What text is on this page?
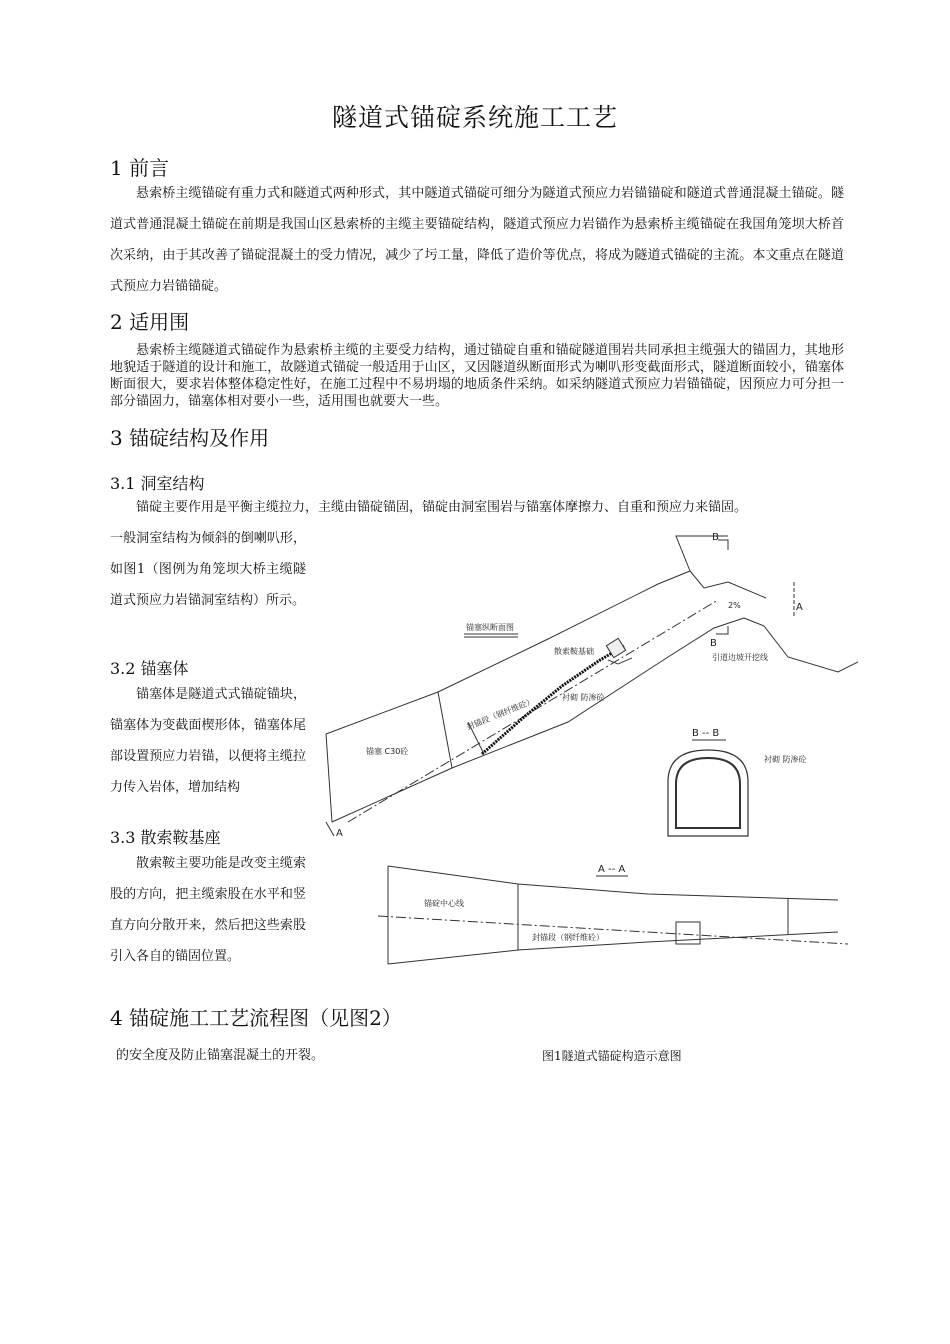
隧道式锚碇系统施工工艺
1 前言
悬索桥主缆锚碇有重力式和隧道式两种形式，其中隧道式锚碇可细分为隧道式预应力岩锚锚碇和隧道式普通混凝土锚碇。隧道式普通混凝土锚碇在前期是我国山区悬索桥的主缆主要锚碇结构，隧道式预应力岩锚作为悬索桥主缆锚碇在我国角笼坝大桥首次采纳，由于其改善了锚碇混凝土的受力情况，减少了圬工量，降低了造价等优点，将成为隧道式锚碇的主流。本文重点在隧道式预应力岩锚锚碇。
2 适用围
悬索桥主缆隧道式锚碇作为悬索桥主缆的主要受力结构，通过锚碇自重和锚碇隧道围岩共同承担主缆强大的锚固力，其地形地貌适于隧道的设计和施工，故隧道式锚碇一般适用于山区，又因隧道纵断面形式为喇叭形变截面形式，隧道断面较小，锚塞体断面很大，要求岩体整体稳定性好，在施工过程中不易坍塌的地质条件采纳。如采纳隧道式预应力岩锚锚碇，因预应力可分担一部分锚固力，锚塞体相对要小一些，适用围也就要大一些。
3 锚碇结构及作用
3.1 洞室结构
锚碇主要作用是平衡主缆拉力，主缆由锚碇锚固，锚碇由洞室围岩与锚塞体摩擦力、自重和预应力来锚固。
一般洞室结构为倾斜的倒喇叭形，如图1（图例为角笼坝大桥主缆隧道式预应力岩锚洞室结构）所示。
3.2 锚塞体
锚塞体是隧道式式锚碇锚块，锚塞体为变截面楔形体，锚塞体尾部设置预应力岩锚，以便将主缆拉力传入岩体，增加结构
3.3 散索鞍基座
散索鞍主要功能是改变主缆索股的方向，把主缆索股在水平和竖直方向分散开来，然后把这些索股引入各自的锚固位置。
4 锚碇施工工艺流程图（见图2）
的安全度及防止锚塞混凝土的开裂。	图1隧道式锚碇构造示意图
锚塞纵断面图
B
A
2%
B
引道边坡开挖线
散索鞍基础
封锚段（钢纤维砼）	衬砌 防渗砼
锚塞 C30砼
A
B -- B
衬砌 防渗砼
A -- A
锚碇中心线
封锚段（钢纤维砼）
